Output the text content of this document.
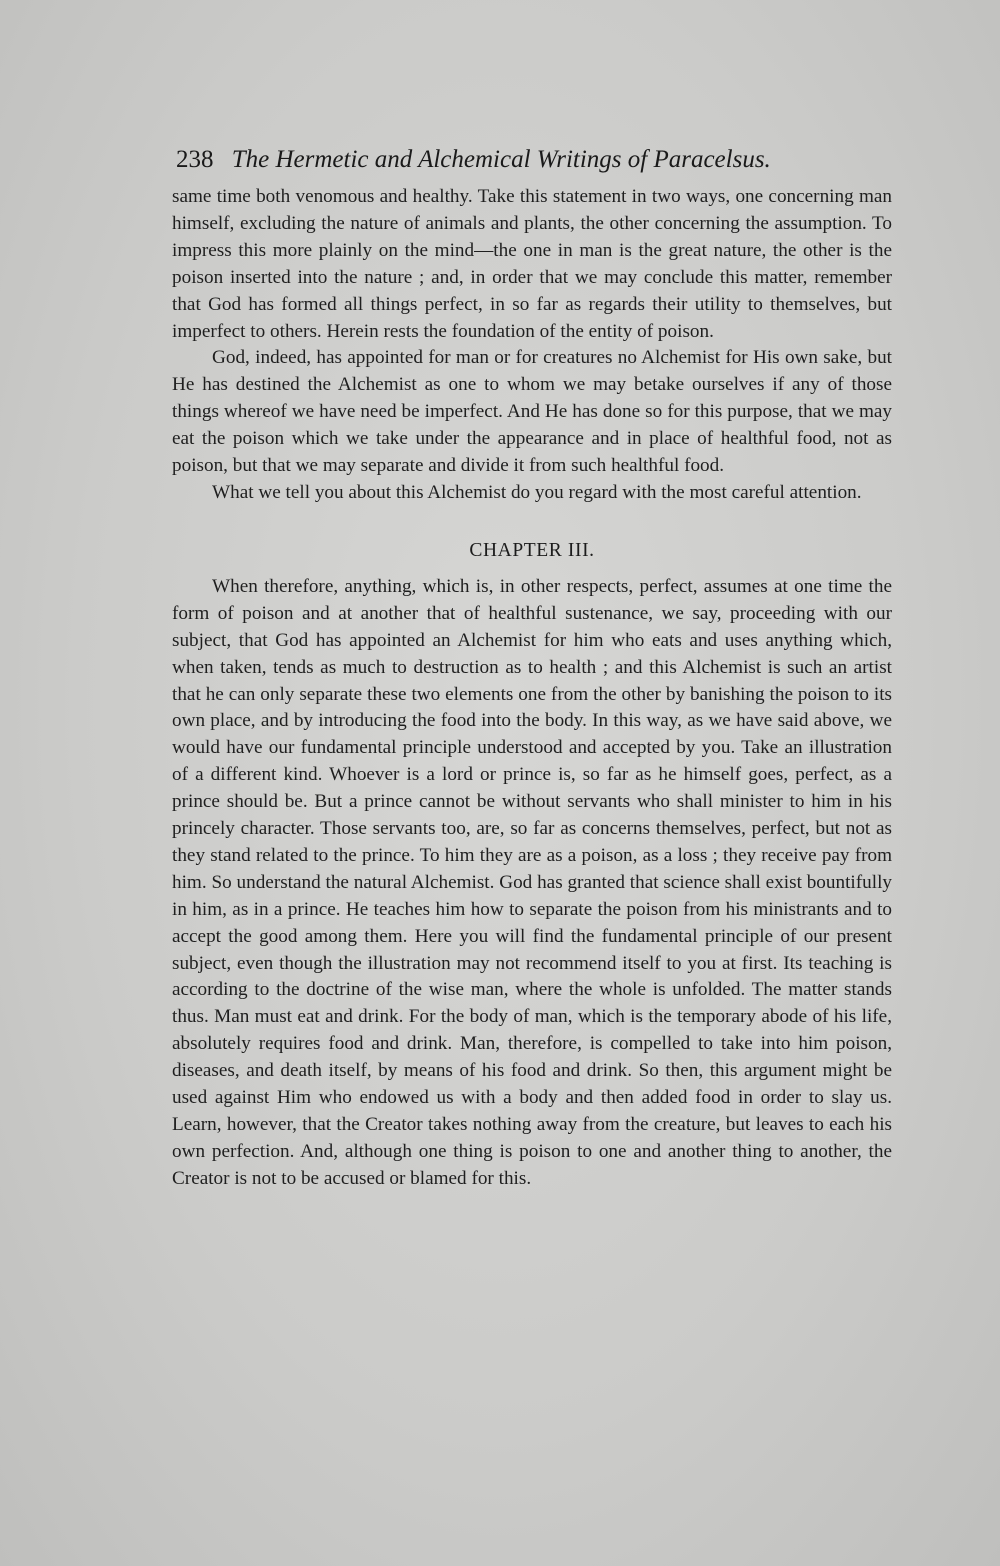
238 The Hermetic and Alchemical Writings of Paracelsus.

same time both venomous and healthy. Take this statement in two ways, one concerning man himself, excluding the nature of animals and plants, the other concerning the assumption. To impress this more plainly on the mind—the one in man is the great nature, the other is the poison inserted into the nature ; and, in order that we may conclude this matter, remember that God has formed all things perfect, in so far as regards their utility to themselves, but imperfect to others. Herein rests the foundation of the entity of poison.

God, indeed, has appointed for man or for creatures no Alchemist for His own sake, but He has destined the Alchemist as one to whom we may betake ourselves if any of those things whereof we have need be imperfect. And He has done so for this purpose, that we may eat the poison which we take under the appearance and in place of healthful food, not as poison, but that we may separate and divide it from such healthful food.

What we tell you about this Alchemist do you regard with the most careful attention.

CHAPTER III.

When therefore, anything, which is, in other respects, perfect, assumes at one time the form of poison and at another that of healthful sustenance, we say, proceeding with our subject, that God has appointed an Alchemist for him who eats and uses anything which, when taken, tends as much to destruction as to health ; and this Alchemist is such an artist that he can only separate these two elements one from the other by banishing the poison to its own place, and by introducing the food into the body. In this way, as we have said above, we would have our fundamental principle understood and accepted by you. Take an illustration of a different kind. Whoever is a lord or prince is, so far as he himself goes, perfect, as a prince should be. But a prince cannot be without servants who shall minister to him in his princely character. Those servants too, are, so far as concerns themselves, perfect, but not as they stand related to the prince. To him they are as a poison, as a loss ; they receive pay from him. So understand the natural Alchemist. God has granted that science shall exist bountifully in him, as in a prince. He teaches him how to separate the poison from his ministrants and to accept the good among them. Here you will find the fundamental principle of our present subject, even though the illustration may not recommend itself to you at first. Its teaching is according to the doctrine of the wise man, where the whole is unfolded. The matter stands thus. Man must eat and drink. For the body of man, which is the temporary abode of his life, absolutely requires food and drink. Man, therefore, is compelled to take into him poison, diseases, and death itself, by means of his food and drink. So then, this argument might be used against Him who endowed us with a body and then added food in order to slay us. Learn, however, that the Creator takes nothing away from the creature, but leaves to each his own perfection. And, although one thing is poison to one and another thing to another, the Creator is not to be accused or blamed for this.
